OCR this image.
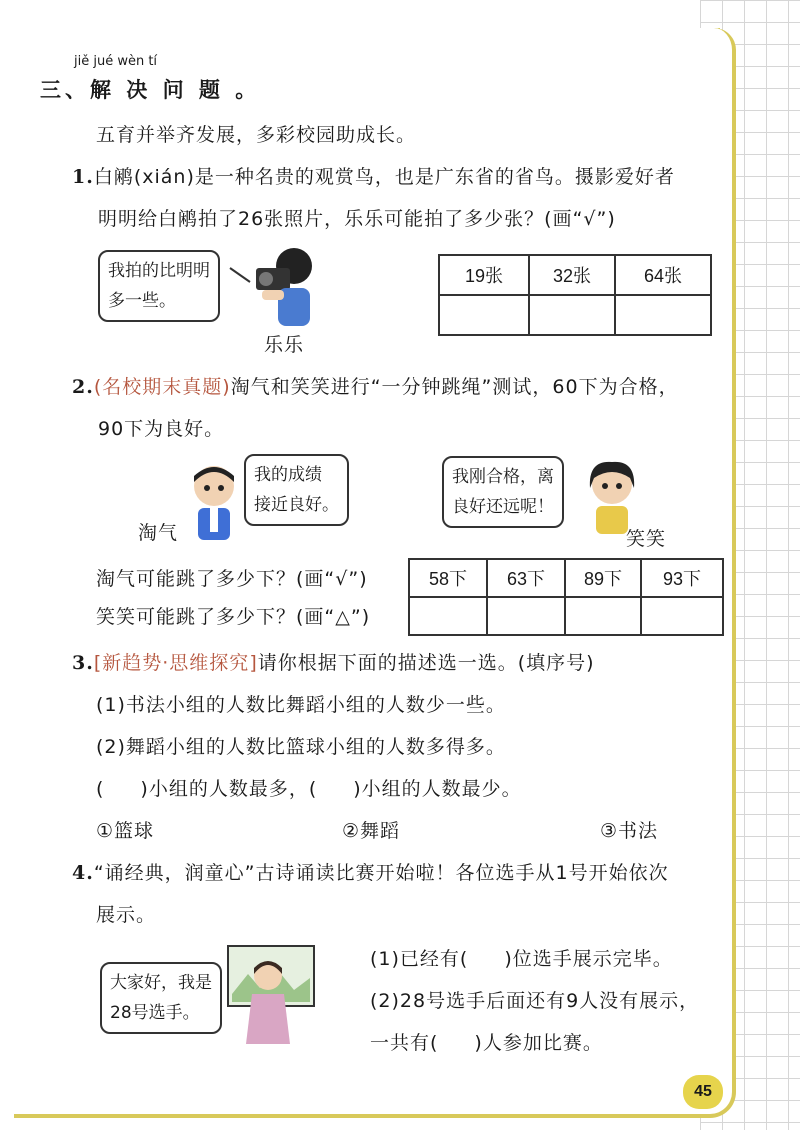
jiě jué wèn tí
三、解 决 问 题 。
五育并举齐发展，多彩校园助成长。
1.白鹇(xián)是一种名贵的观赏鸟，也是广东省的省鸟。摄影爱好者
明明给白鹇拍了26张照片，乐乐可能拍了多少张？(画“√”)
我拍的比明明
多一些。
乐乐
19张	32张	64张

2.(名校期末真题)淘气和笑笑进行“一分钟跳绳”测试，60下为合格，
90下为良好。
淘气
我的成绩
接近良好。
我刚合格，离
良好还远呢！
笑笑
淘气可能跳了多少下？(画“√”)
笑笑可能跳了多少下？(画“△”)
58下	63下	89下	93下

3.[新趋势·思维探究]请你根据下面的描述选一选。(填序号)
(1)书法小组的人数比舞蹈小组的人数少一些。
(2)舞蹈小组的人数比篮球小组的人数多得多。
( )小组的人数最多，( )小组的人数最少。
①篮球	②舞蹈	③书法
4.“诵经典，润童心”古诗诵读比赛开始啦！各位选手从1号开始依次
展示。
大家好，我是
28号选手。
(1)已经有( )位选手展示完毕。
(2)28号选手后面还有9人没有展示，
一共有( )人参加比赛。
45
